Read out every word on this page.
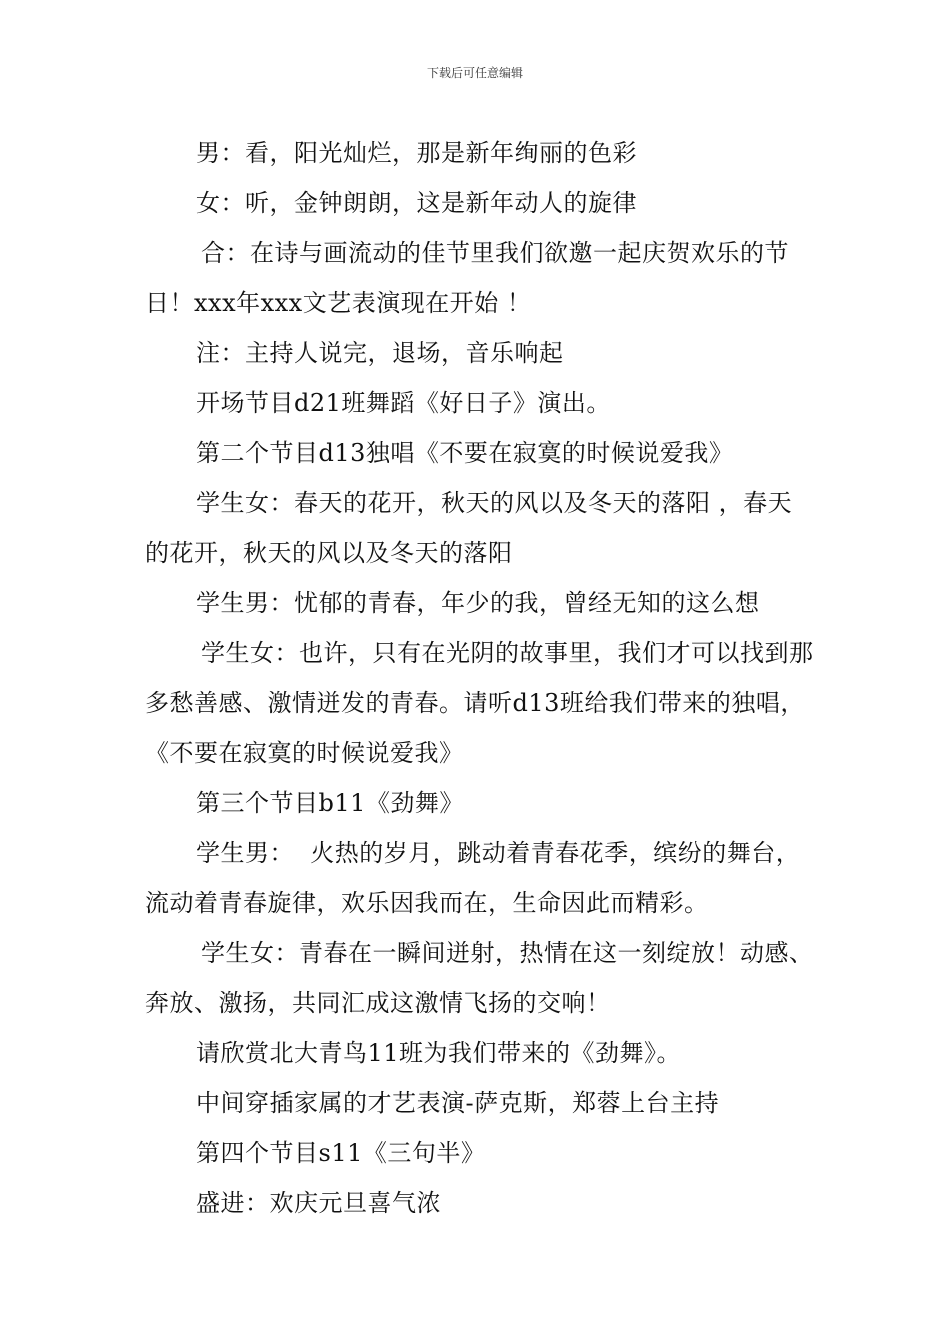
下载后可任意编辑

男：看，阳光灿烂，那是新年绚丽的色彩

女：听，金钟朗朗，这是新年动人的旋律

合：在诗与画流动的佳节里我们欲邀一起庆贺欢乐的节日！xxx年xxx文艺表演现在开始 ！

注：主持人说完，退场，音乐响起

开场节目d21班舞蹈《好日子》演出。

第二个节目d13独唱《不要在寂寞的时候说爱我》

学生女：春天的花开，秋天的风以及冬天的落阳 ，春天的花开，秋天的风以及冬天的落阳

学生男：忧郁的青春，年少的我，曾经无知的这么想

学生女：也许，只有在光阴的故事里，我们才可以找到那多愁善感、激情迸发的青春。请听d13班给我们带来的独唱，《不要在寂寞的时候说爱我》

第三个节目b11《劲舞》

学生男：  火热的岁月，跳动着青春花季，缤纷的舞台，流动着青春旋律，欢乐因我而在，生命因此而精彩。

学生女：青春在一瞬间迸射，热情在这一刻绽放！动感、奔放、激扬，共同汇成这激情飞扬的交响！

请欣赏北大青鸟11班为我们带来的《劲舞》。

中间穿插家属的才艺表演-萨克斯，郑蓉上台主持

第四个节目s11《三句半》

盛进：欢庆元旦喜气浓
